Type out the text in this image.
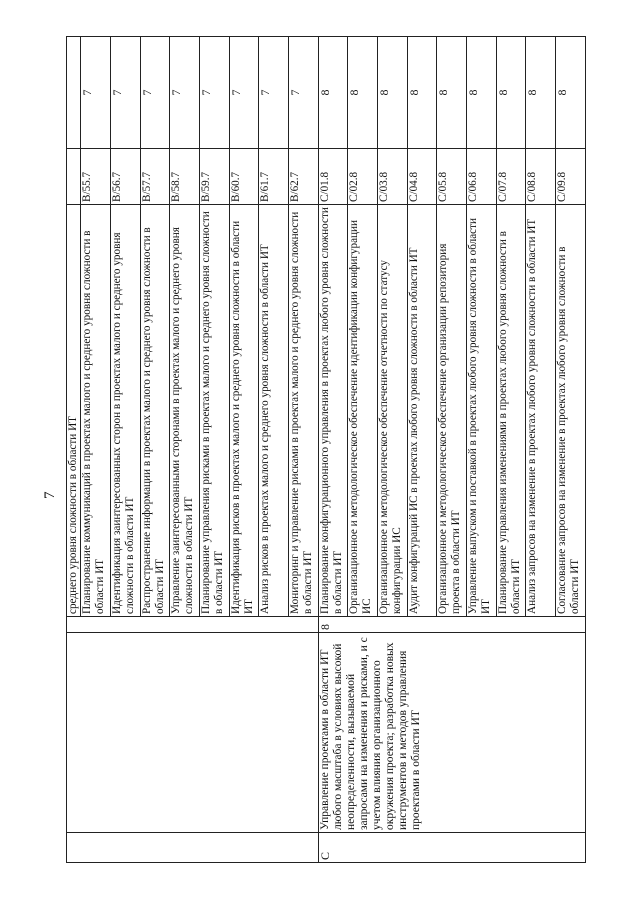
7
			среднего уровня сложности в области ИТ		
			Планирование коммуникаций в проектах малого и среднего уровня сложности в области ИТ	B/55.7	7
			Идентификация заинтересованных сторон в проектах малого и среднего уровня сложности в области ИТ	B/56.7	7
			Распространение информации в проектах малого и среднего уровня сложности в области ИТ	B/57.7	7
			Управление заинтересованными сторонами в проектах малого и среднего уровня сложности в области ИТ	B/58.7	7
			Планирование управления рисками в проектах малого и среднего уровня сложности в области ИТ	B/59.7	7
			Идентификация рисков в проектах малого и среднего уровня сложности в области ИТ	B/60.7	7
			Анализ рисков в проектах малого и среднего уровня сложности в области ИТ	B/61.7	7
			Мониторинг и управление рисками в проектах малого и среднего уровня сложности в области ИТ	B/62.7	7
C	Управление проектами в области ИТ любого масштаба в условиях высокой неопределенности, вызываемой запросами на изменения и рисками, и с учетом влияния организационного окружения проекта; разработка новых инструментов и методов управления проектами в области ИТ	8	Планирование конфигурационного управления в проектах любого уровня сложности в области ИТ	C/01.8	8
			Организационное и методологическое обеспечение идентификации конфигурации ИС	C/02.8	8
			Организационное и методологическое обеспечение отчетности по статусу конфигурации ИС	C/03.8	8
			Аудит конфигураций ИС в проектах любого уровня сложности в области ИТ	C/04.8	8
			Организационное и методологическое обеспечение организации репозитория проекта в области ИТ	C/05.8	8
			Управление выпуском и поставкой в проектах любого уровня сложности в области ИТ	C/06.8	8
			Планирование управления изменениями в проектах любого уровня сложности в области ИТ	C/07.8	8
			Анализ запросов на изменение в проектах любого уровня сложности в области ИТ	C/08.8	8
			Согласование запросов на изменение в проектах любого уровня сложности в области ИТ	C/09.8	8
